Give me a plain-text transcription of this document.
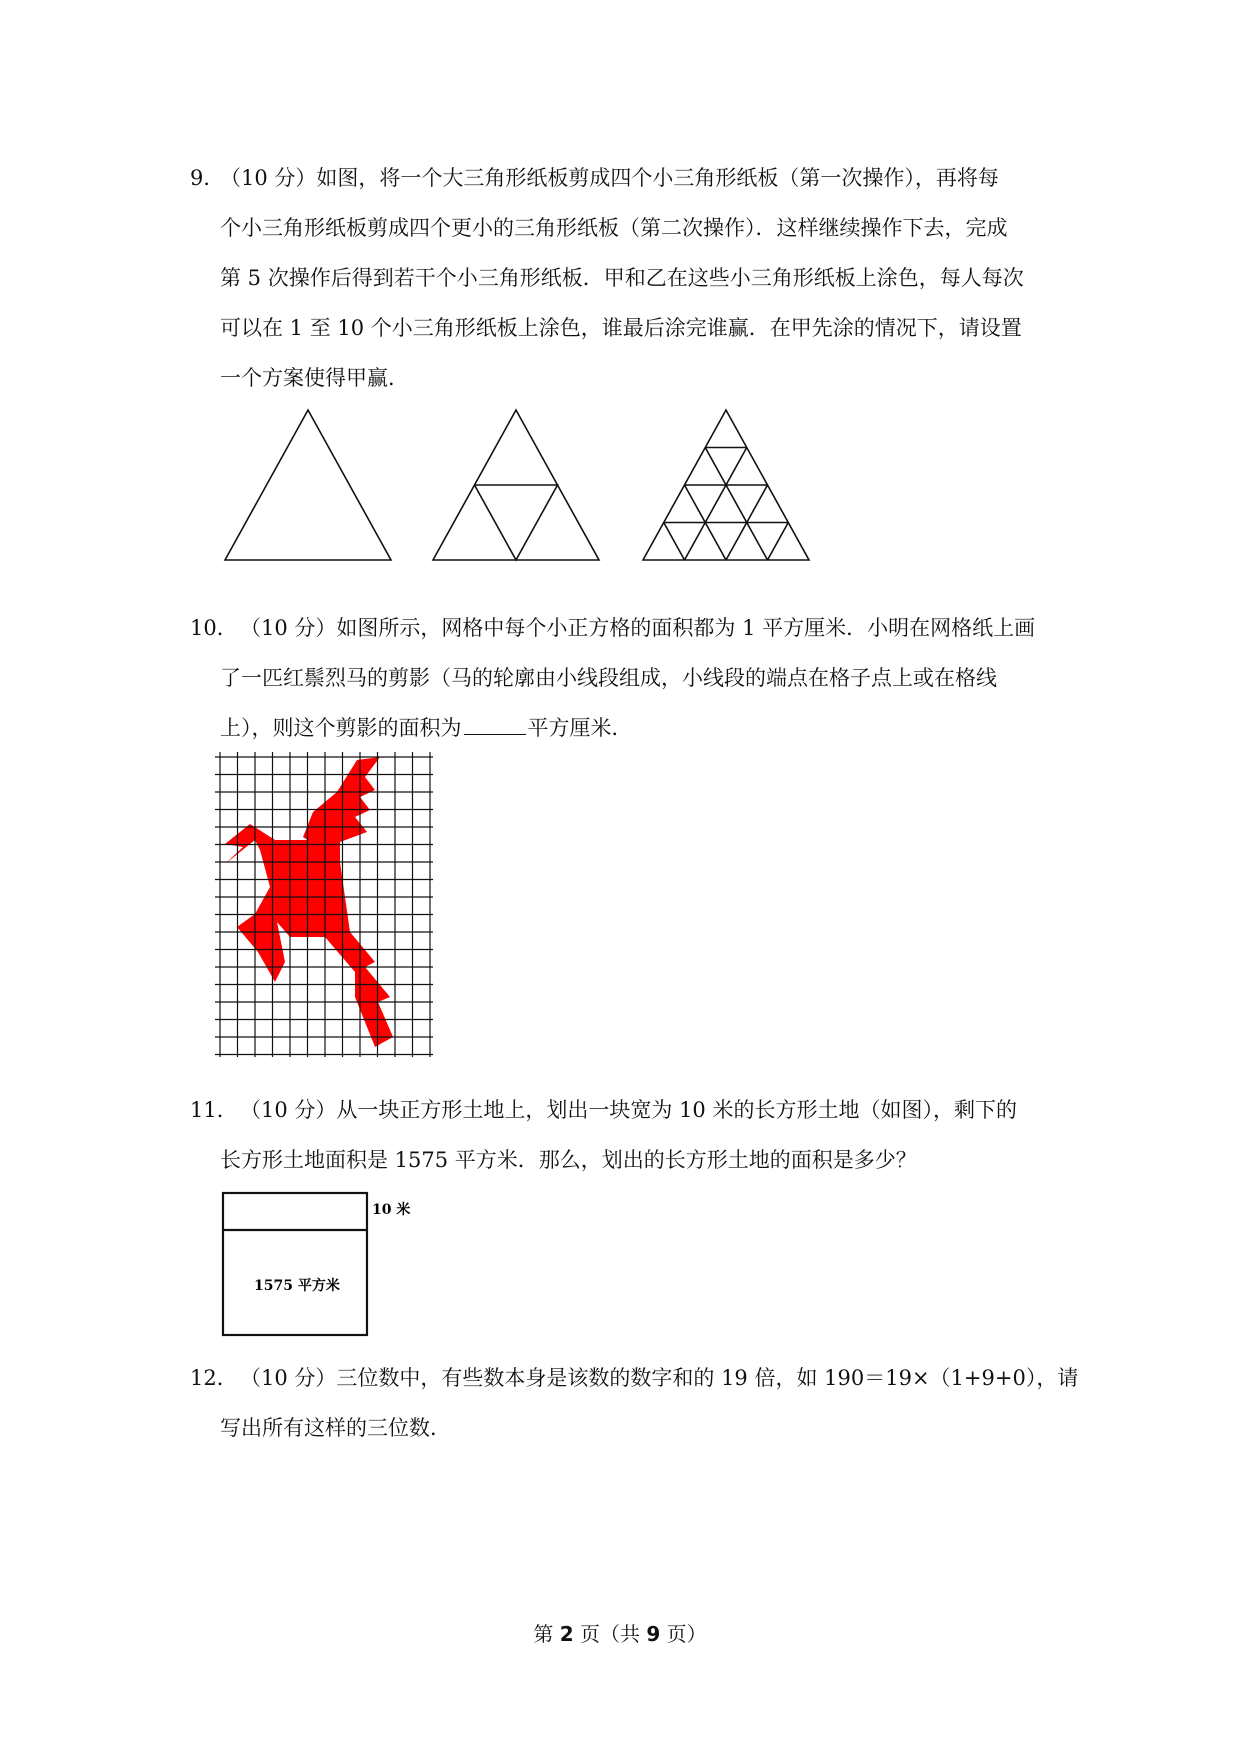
9．
（10 分）如图，将一个大三角形纸板剪成四个小三角形纸板（第一次操作），再将每
个小三角形纸板剪成四个更小的三角形纸板（第二次操作）．这样继续操作下去，完成
第 5 次操作后得到若干个小三角形纸板．甲和乙在这些小三角形纸板上涂色，每人每次
可以在 1 至 10 个小三角形纸板上涂色，谁最后涂完谁赢．在甲先涂的情况下，请设置
一个方案使得甲赢．
10． （10 分）如图所示，网格中每个小正方格的面积都为 1 平方厘米．小明在网格纸上画
了一匹红鬃烈马的剪影（马的轮廓由小线段组成，小线段的端点在格子点上或在格线
上），则这个剪影的面积为	平方厘米．
11． （10 分）从一块正方形土地上，划出一块宽为 10 米的长方形土地（如图），剩下的
长方形土地面积是 1575 平方米．那么，划出的长方形土地的面积是多少？
10 米
1575 平方米
12． （10 分）三位数中，有些数本身是该数的数字和的 19 倍，如 190＝19×（1+9+0），请
写出所有这样的三位数．
第 2 页（共 9 页）
